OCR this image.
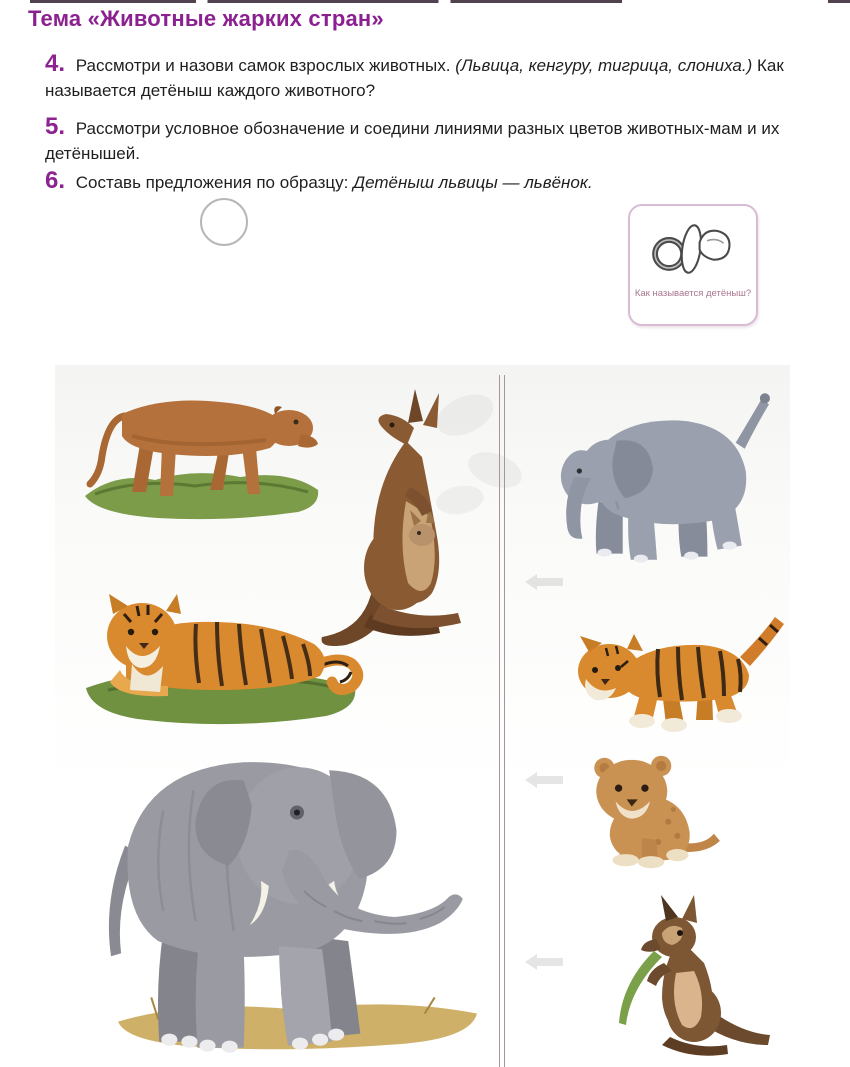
Тема «Животные жарких стран»

4. Рассмотри и назови самок взрослых животных. (Львица, кенгуру, тигрица, слониха.) Как называется детёныш каждого животного?

5. Рассмотри условное обозначение и соедини линиями разных цветов животных-мам и их детёнышей.

6. Составь предложения по образцу: Детёныш львицы — львёнок.

Как называется детёныш?
